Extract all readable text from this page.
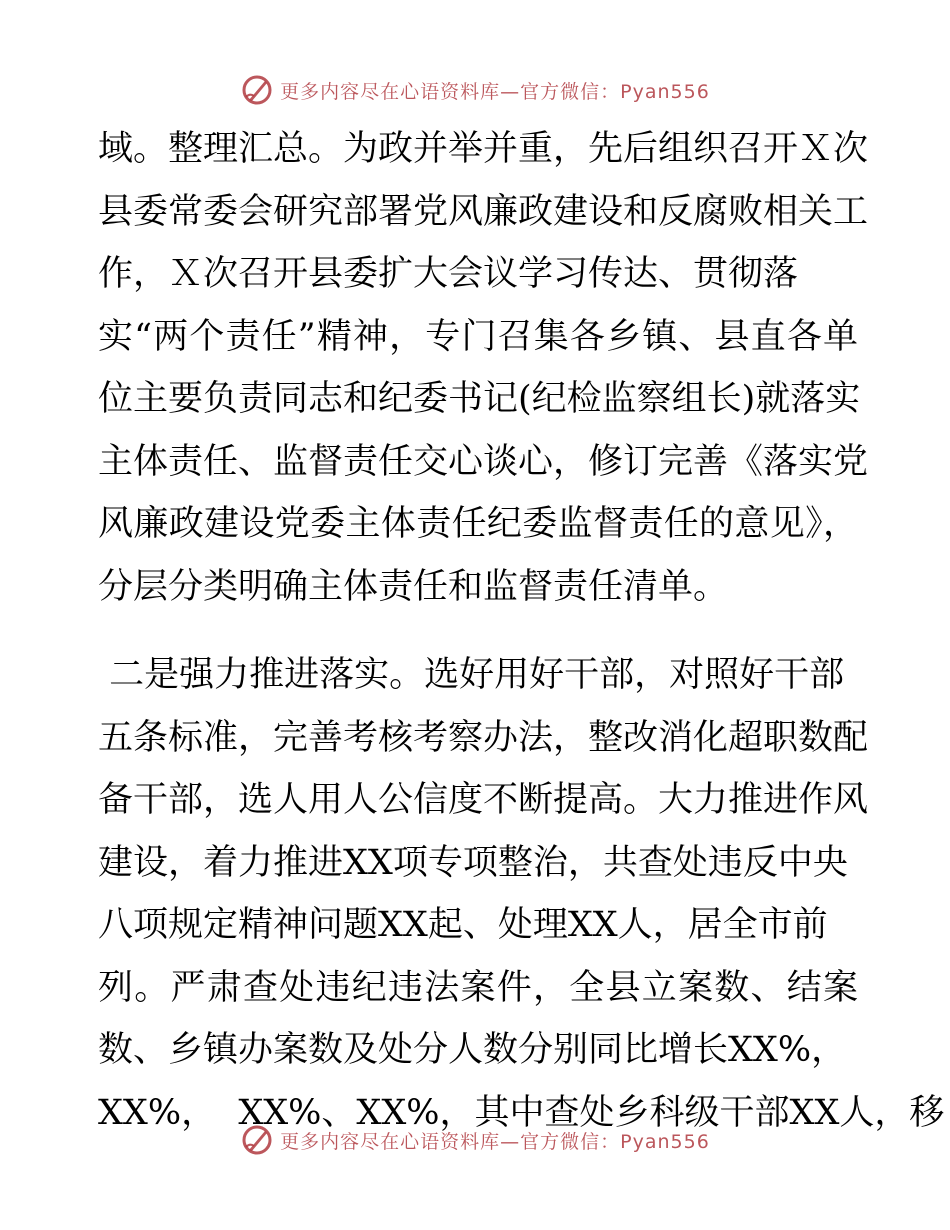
更多内容尽在心语资料库—官方微信：Pyan556
域。整理汇总。为政并举并重，先后组织召开Ｘ次
县委常委会研究部署党风廉政建设和反腐败相关工
作，Ｘ次召开县委扩大会议学习传达、贯彻落
实“两个责任”精神，专门召集各乡镇、县直各单
位主要负责同志和纪委书记(纪检监察组长)就落实
主体责任、监督责任交心谈心，修订完善《落实党
风廉政建设党委主体责任纪委监督责任的意见》，
分层分类明确主体责任和监督责任清单。
二是强力推进落实。选好用好干部，对照好干部
五条标准，完善考核考察办法，整改消化超职数配
备干部，选人用人公信度不断提高。大力推进作风
建设，着力推进XX项专项整治，共查处违反中央
八项规定精神问题XX起、处理XX人，居全市前
列。严肃查处违纪违法案件，全县立案数、结案
数、乡镇办案数及处分人数分别同比增长XX%，
XX%，  XX%、XX%，其中查处乡科级干部XX人，移
更多内容尽在心语资料库—官方微信：Pyan556
